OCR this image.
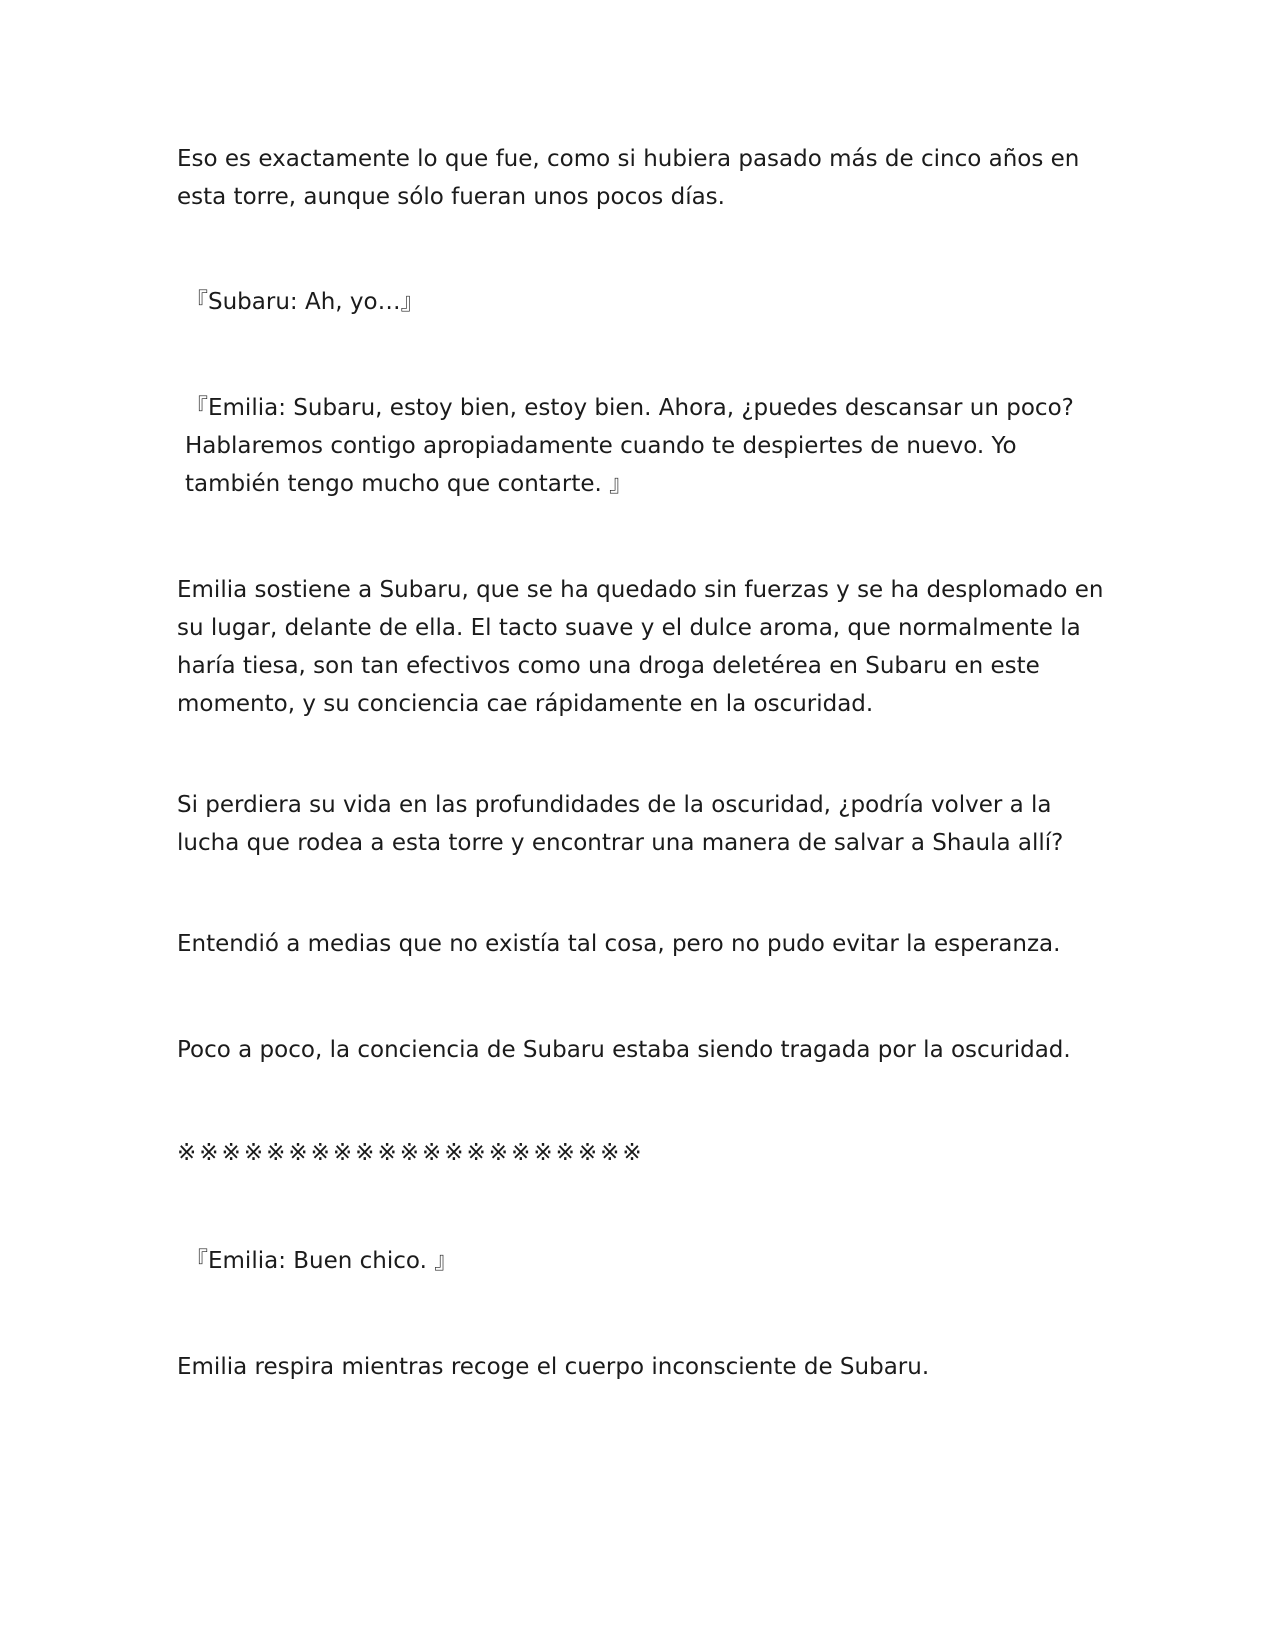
Eso es exactamente lo que fue, como si hubiera pasado más de cinco años en esta torre, aunque sólo fueran unos pocos días.

『Subaru: Ah, yo…』

『Emilia: Subaru, estoy bien, estoy bien. Ahora, ¿puedes descansar un poco? Hablaremos contigo apropiadamente cuando te despiertes de nuevo. Yo también tengo mucho que contarte. 』

Emilia sostiene a Subaru, que se ha quedado sin fuerzas y se ha desplomado en su lugar, delante de ella. El tacto suave y el dulce aroma, que normalmente la haría tiesa, son tan efectivos como una droga deletérea en Subaru en este momento, y su conciencia cae rápidamente en la oscuridad.

Si perdiera su vida en las profundidades de la oscuridad, ¿podría volver a la lucha que rodea a esta torre y encontrar una manera de salvar a Shaula allí?

Entendió a medias que no existía tal cosa, pero no pudo evitar la esperanza.

Poco a poco, la conciencia de Subaru estaba siendo tragada por la oscuridad.

※※※※※※※※※※※※※※※※※※※※※

『Emilia: Buen chico. 』

Emilia respira mientras recoge el cuerpo inconsciente de Subaru.
